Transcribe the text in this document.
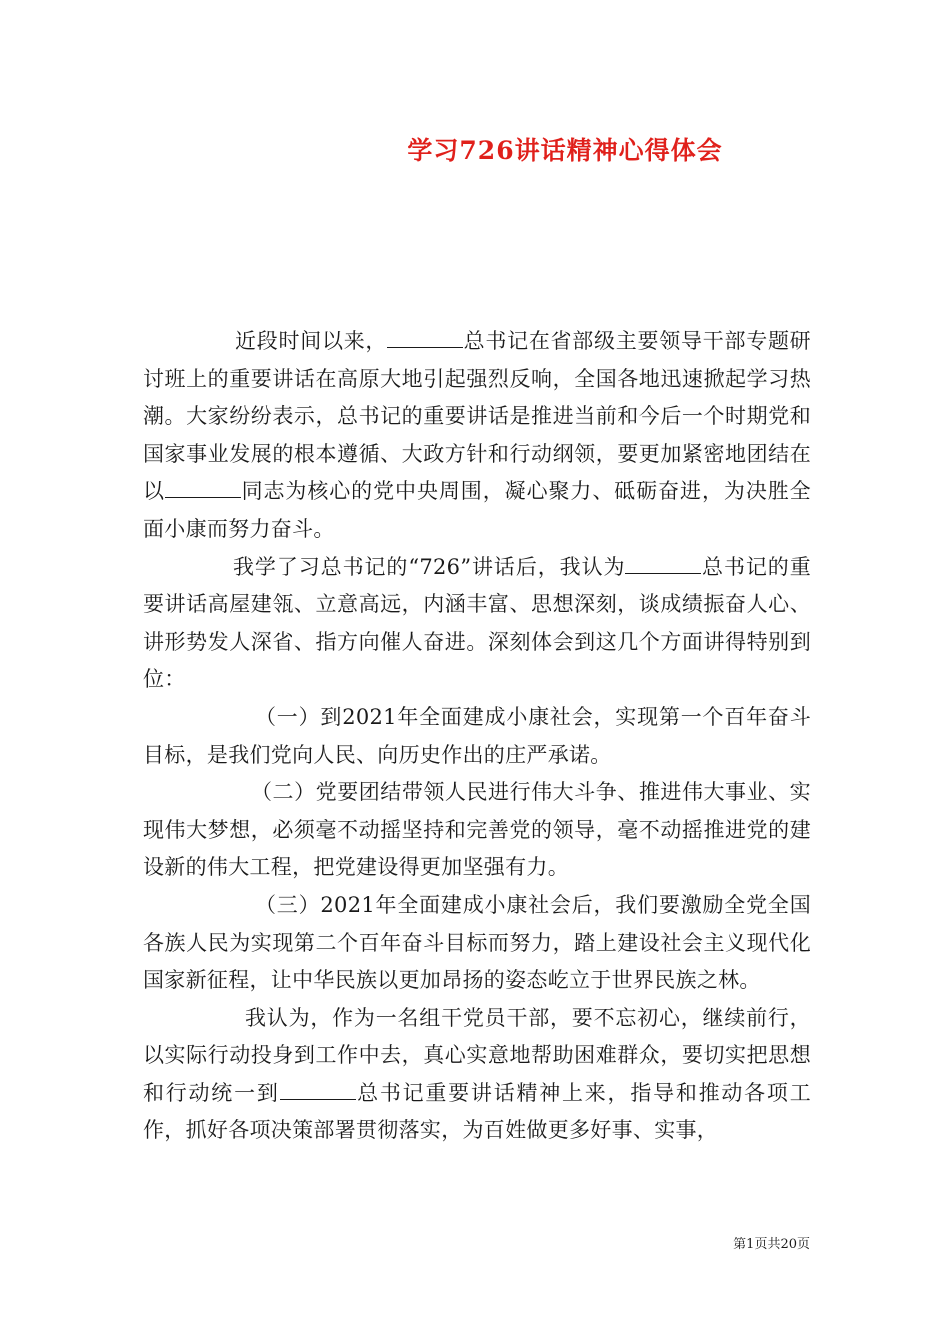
学习726讲话精神心得体会

近段时间以来，	总书记在省部级主要领导干部专题研讨班上的重要讲话在高原大地引起强烈反响，全国各地迅速掀起学习热潮。大家纷纷表示，总书记的重要讲话是推进当前和今后一个时期党和国家事业发展的根本遵循、大政方针和行动纲领，要更加紧密地团结在以	同志为核心的党中央周围，凝心聚力、砥砺奋进，为决胜全面小康而努力奋斗。

我学了习总书记的“726”讲话后，我认为	总书记的重要讲话高屋建瓴、立意高远，内涵丰富、思想深刻，谈成绩振奋人心、讲形势发人深省、指方向催人奋进。深刻体会到这几个方面讲得特别到位：

（一）到2021年全面建成小康社会，实现第一个百年奋斗目标，是我们党向人民、向历史作出的庄严承诺。

（二）党要团结带领人民进行伟大斗争、推进伟大事业、实现伟大梦想，必须毫不动摇坚持和完善党的领导，毫不动摇推进党的建设新的伟大工程，把党建设得更加坚强有力。

（三）2021年全面建成小康社会后，我们要激励全党全国各族人民为实现第二个百年奋斗目标而努力，踏上建设社会主义现代化国家新征程，让中华民族以更加昂扬的姿态屹立于世界民族之林。

我认为，作为一名组干党员干部，要不忘初心，继续前行，以实际行动投身到工作中去，真心实意地帮助困难群众，要切实把思想和行动统一到	总书记重要讲话精神上来，指导和推动各项工作，抓好各项决策部署贯彻落实，为百姓做更多好事、实事，

第1页共20页
